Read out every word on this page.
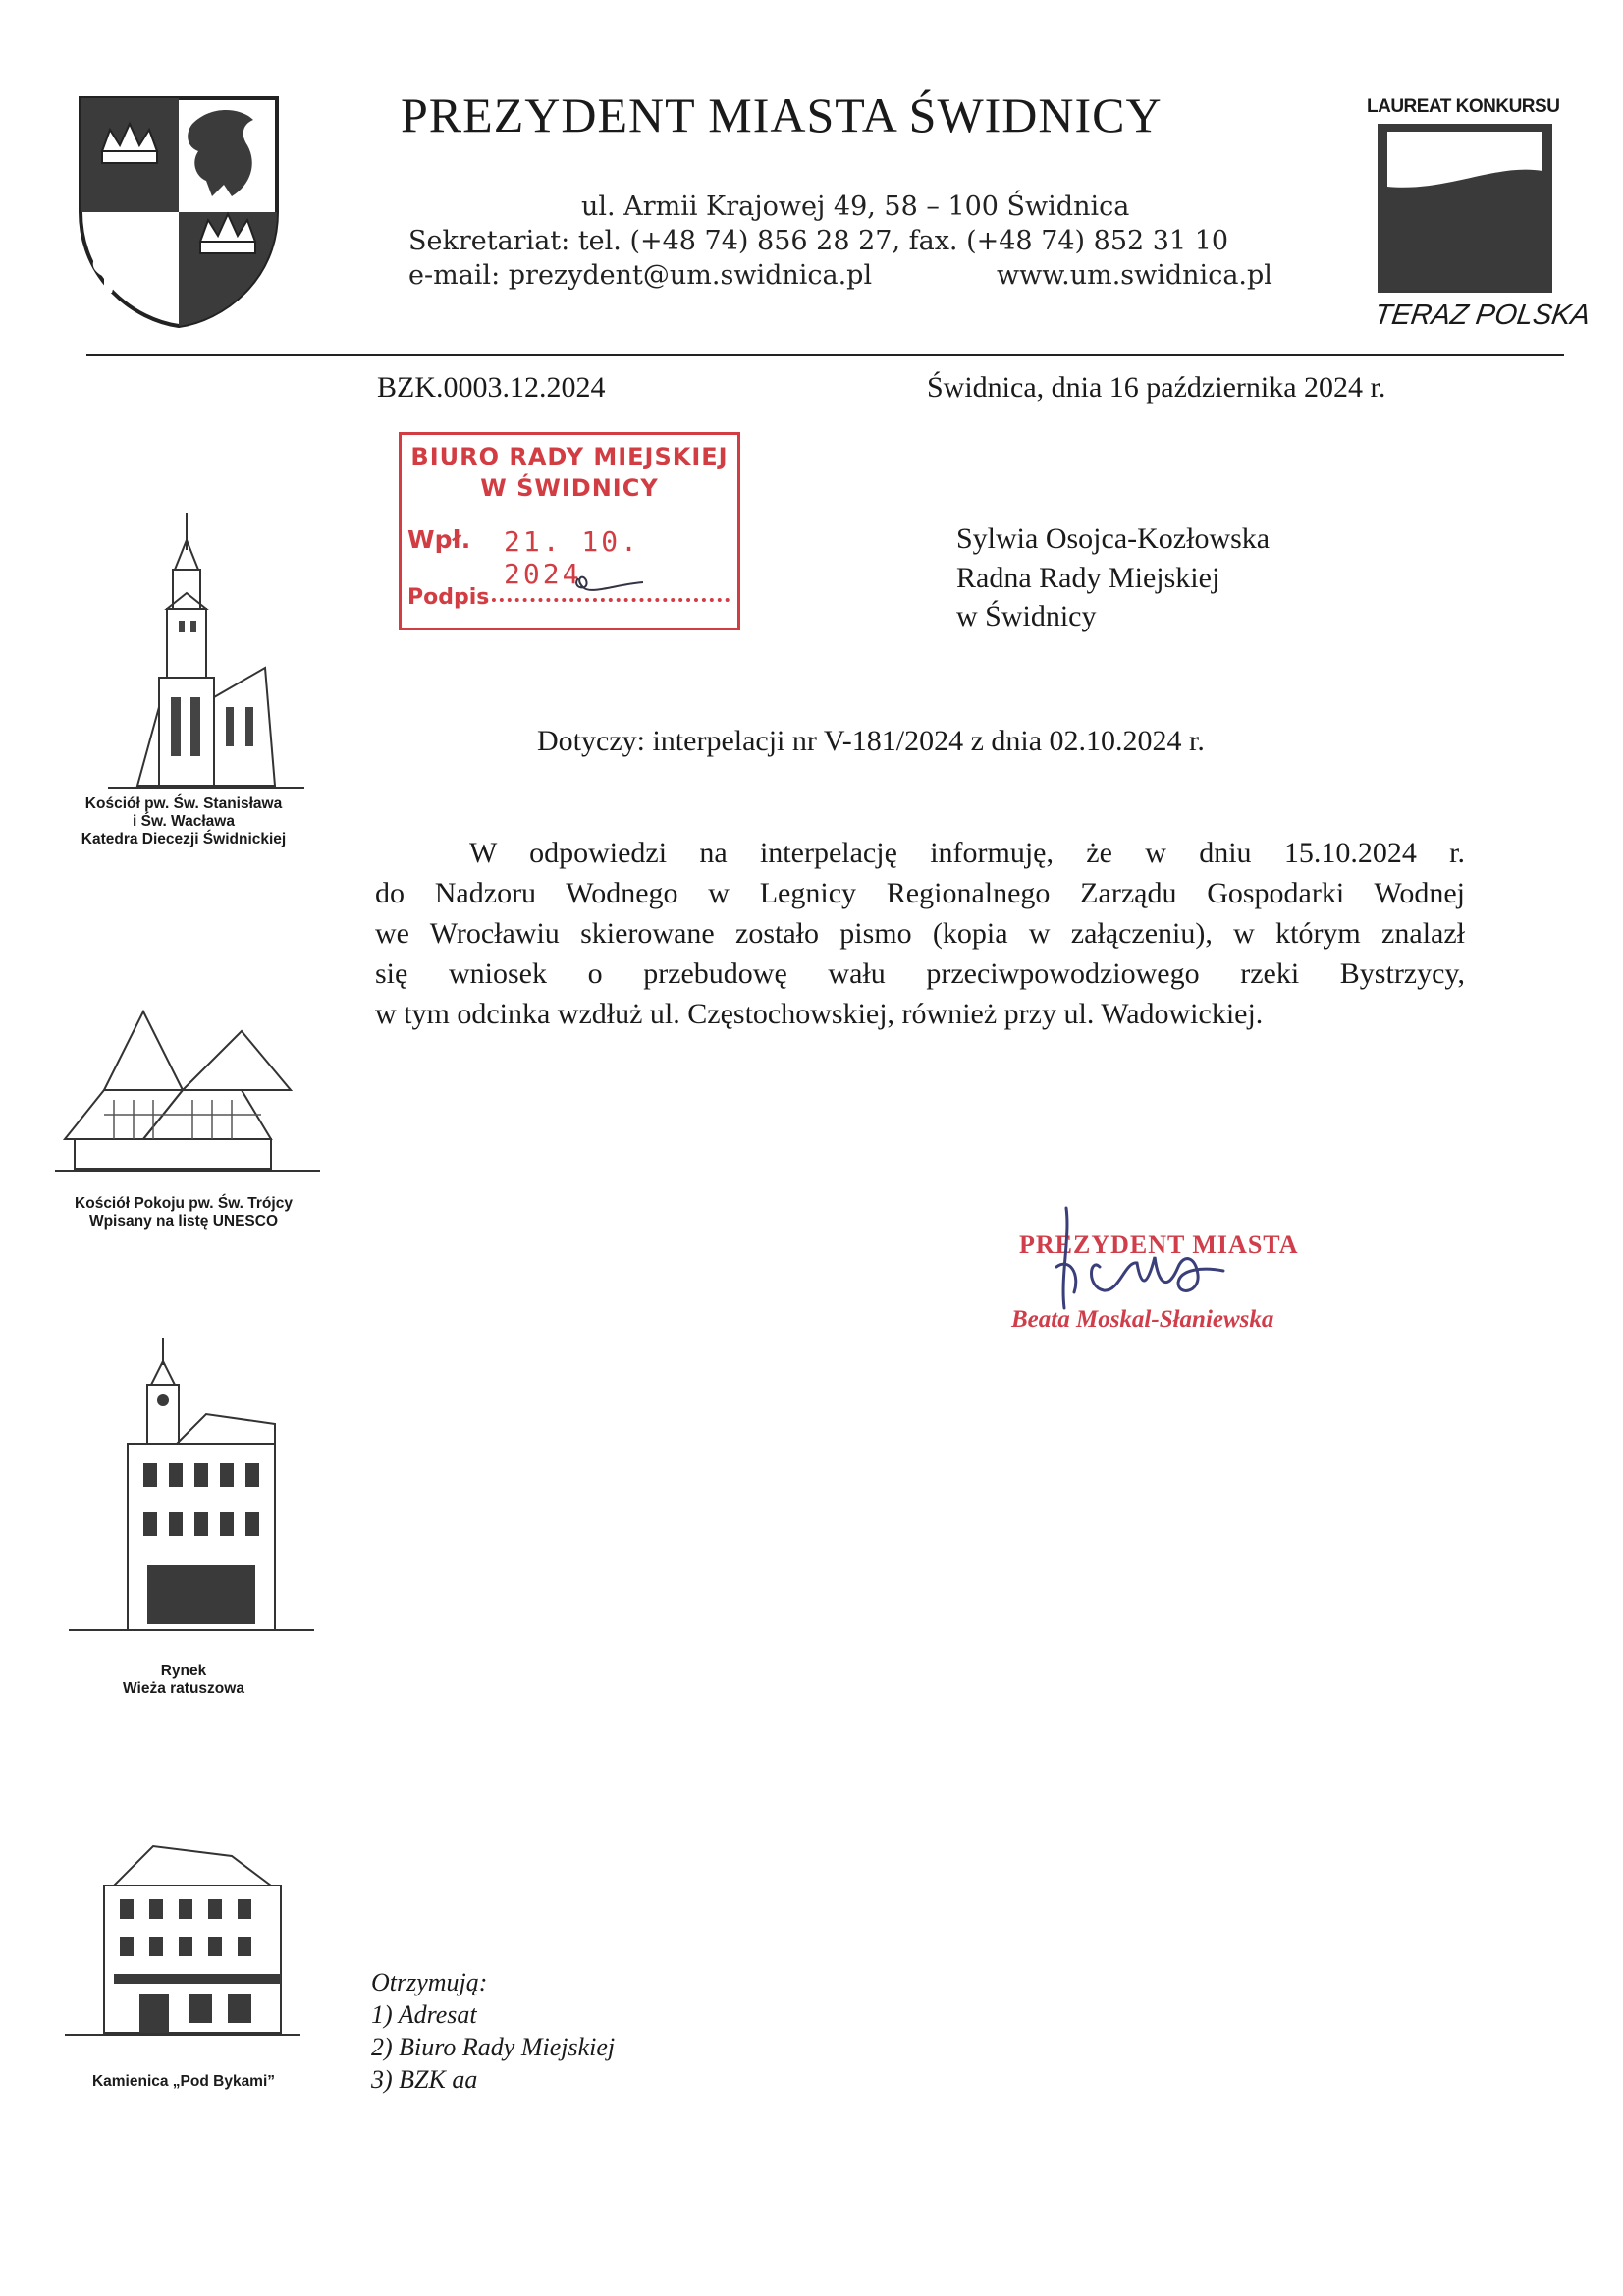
PREZYDENT MIASTA ŚWIDNICY
ul. Armii Krajowej 49, 58 – 100 Świdnica
Sekretariat: tel. (+48 74) 856 28 27, fax. (+48 74) 852 31 10
e-mail: prezydent@um.swidnica.pl	www.um.swidnica.pl
LAUREAT KONKURSU
TERAZ POLSKA
BZK.0003.12.2024	Świdnica, dnia 16 października 2024 r.
BIURO RADY MIEJSKIEJ
W ŚWIDNICY
Wpł. 21. 10. 2024
Podpis
Sylwia Osojca-Kozłowska
Radna Rady Miejskiej
w Świdnicy
Dotyczy: interpelacji nr V-181/2024 z dnia 02.10.2024 r.
W odpowiedzi na interpelację informuję, że w dniu 15.10.2024 r.
do Nadzoru Wodnego w Legnicy Regionalnego Zarządu Gospodarki Wodnej
we Wrocławiu skierowane zostało pismo (kopia w załączeniu), w którym znalazł
się wniosek o przebudowę wału przeciwpowodziowego rzeki Bystrzycy,
w tym odcinka wzdłuż ul. Częstochowskiej, również przy ul. Wadowickiej.
PREZYDENT MIASTA
Beata Moskal-Słaniewska
Kościół pw. Św. Stanisława
i Św. Wacława
Katedra Diecezji Świdnickiej
Kościół Pokoju pw. Św. Trójcy
Wpisany na listę UNESCO
Rynek
Wieża ratuszowa
Kamienica „Pod Bykami”
Otrzymują:
1) Adresat
2) Biuro Rady Miejskiej
3) BZK aa
